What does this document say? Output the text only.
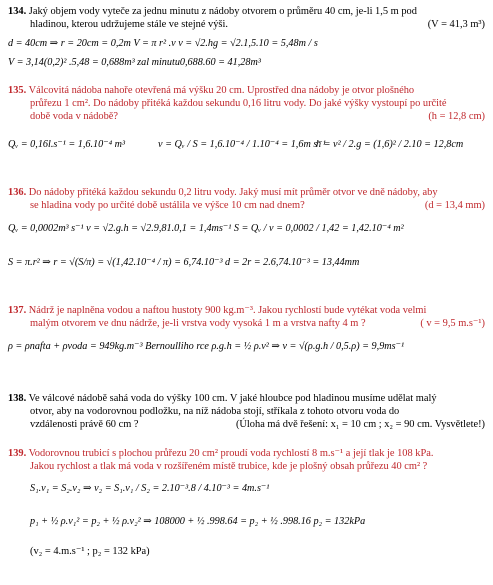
134. Jaký objem vody vyteče za jednu minutu z nádoby otvorem o průměru 40 cm, je-li 1,5 m pod
hladinou, kterou udržujeme stále ve stejné výši.	(V = 41,3 m³)
d = 40cm ⇒ r = 20cm = 0,2m V = π r² .v v = √2.hg = √2.1,5.10 = 5,48m / s
V = 3,14(0,2)² .5,48 = 0,688m³ zal minutu0,688.60 = 41,28m³
135. Válcovitá nádoba nahoře otevřená má výšku 20 cm. Uprostřed dna nádoby je otvor plošného
průřezu 1 cm². Do nádoby přitéká každou sekundu 0,16 litru vody. Do jaké výšky vystoupí po určité
době voda v nádobě?	(h = 12,8 cm)
Qᵥ = 0,16l.s⁻¹ = 1,6.10⁻⁴ m³	v = Qᵥ / S = 1,6.10⁻⁴ / 1.10⁻⁴ = 1,6m s⁻¹
h = v² / 2.g = (1,6)² / 2.10 = 12,8cm
136. Do nádoby přitéká každou sekundu 0,2 litru vody. Jaký musí mít průměr otvor ve dně nádoby, aby
se hladina vody po určité době ustálila ve výšce 10 cm nad dnem?	(d = 13,4 mm)
Qᵥ = 0,0002m³ s⁻¹ v = √2.g.h = √2.9,81.0,1 = 1,4ms⁻¹ S = Qᵥ / v = 0,0002 / 1,42 = 1,42.10⁻⁴ m²
S = π.r² ⇒ r = √(S/π) = √(1,42.10⁻⁴ / π) = 6,74.10⁻³ d = 2r = 2.6,74.10⁻³ = 13,44mm
137. Nádrž je naplněna vodou a naftou hustoty 900 kg.m⁻³. Jakou rychlostí bude vytékat voda velmi
malým otvorem ve dnu nádrže, je-li vrstva vody vysoká 1 m a vrstva nafty 4 m ?	( v = 9,5 m.s⁻¹)
ρ = ρnafta + ρvoda = 949kg.m⁻³ Bernoulliho rce ρ.g.h = ½ ρ.v² ⇒ v = √(ρ.g.h / 0,5.ρ) = 9,9ms⁻¹
138. Ve válcové nádobě sahá voda do výšky 100 cm. V jaké hloubce pod hladinou musíme udělat malý
otvor, aby na vodorovnou podložku, na níž nádoba stojí, stříkala z tohoto otvoru voda do
vzdálenosti právě 60 cm ?	(Úloha má dvě řešení: x₁ = 10 cm ; x₂ = 90 cm. Vysvětlete!)
139. Vodorovnou trubicí s plochou průřezu 20 cm² proudí voda rychlostí 8 m.s⁻¹ a její tlak je 108 kPa.
Jakou rychlost a tlak má voda v rozšířeném místě trubice, kde je plošný obsah průřezu 40 cm² ?
S₁.v₁ = S₂.v₂ ⇒ v₂ = S₁.v₁ / S₂ = 2.10⁻³.8 / 4.10⁻³ = 4m.s⁻¹
p₁ + ½ ρ.v₁² = p₂ + ½ ρ.v₂² ⇒ 108000 + ½ .998.64 = p₂ + ½ .998.16 p₂ = 132kPa
(v₂ = 4.m.s⁻¹ ; p₂ = 132 kPa)
